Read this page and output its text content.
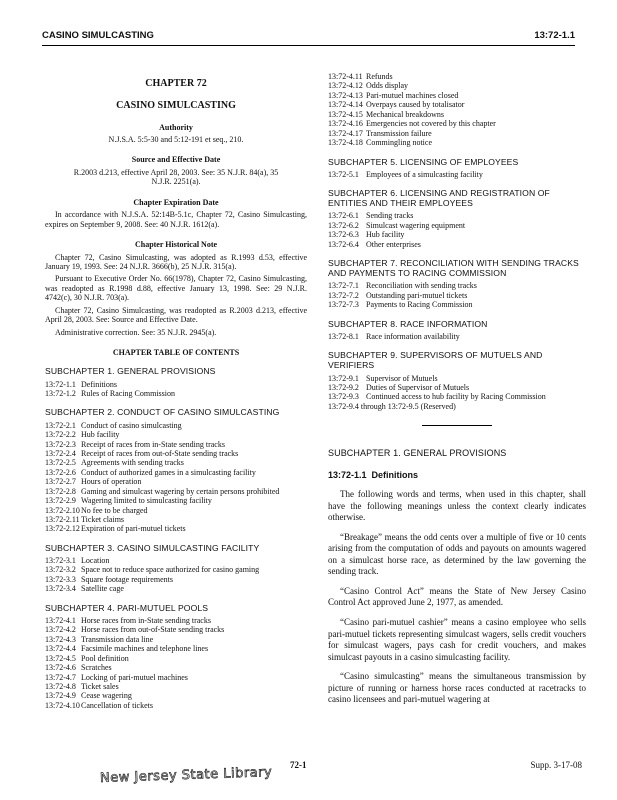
CASINO SIMULCASTING	13:72-1.1
CHAPTER 72
CASINO SIMULCASTING
Authority
N.J.S.A. 5:5-30 and 5:12-191 et seq., 210.
Source and Effective Date
R.2003 d.213, effective April 28, 2003. See: 35 N.J.R. 84(a), 35 N.J.R. 2251(a).
Chapter Expiration Date
In accordance with N.J.S.A. 52:14B-5.1c, Chapter 72, Casino Simulcasting, expires on September 9, 2008. See: 40 N.J.R. 1612(a).
Chapter Historical Note
Chapter 72, Casino Simulcasting, was adopted as R.1993 d.53, effective January 19, 1993. See: 24 N.J.R. 3666(b), 25 N.J.R. 315(a).
Pursuant to Executive Order No. 66(1978), Chapter 72, Casino Simulcasting, was readopted as R.1998 d.88, effective January 13, 1998. See: 29 N.J.R. 4742(c), 30 N.J.R. 703(a).
Chapter 72, Casino Simulcasting, was readopted as R.2003 d.213, effective April 28, 2003. See: Source and Effective Date.
Administrative correction. See: 35 N.J.R. 2945(a).
CHAPTER TABLE OF CONTENTS
SUBCHAPTER 1. GENERAL PROVISIONS
13:72-1.1 Definitions
13:72-1.2 Rules of Racing Commission
SUBCHAPTER 2. CONDUCT OF CASINO SIMULCASTING
13:72-2.1 Conduct of casino simulcasting
13:72-2.2 Hub facility
13:72-2.3 Receipt of races from in-State sending tracks
13:72-2.4 Receipt of races from out-of-State sending tracks
13:72-2.5 Agreements with sending tracks
13:72-2.6 Conduct of authorized games in a simulcasting facility
13:72-2.7 Hours of operation
13:72-2.8 Gaming and simulcast wagering by certain persons prohibited
13:72-2.9 Wagering limited to simulcasting facility
13:72-2.10 No fee to be charged
13:72-2.11 Ticket claims
13:72-2.12 Expiration of pari-mutuel tickets
SUBCHAPTER 3. CASINO SIMULCASTING FACILITY
13:72-3.1 Location
13:72-3.2 Space not to reduce space authorized for casino gaming
13:72-3.3 Square footage requirements
13:72-3.4 Satellite cage
SUBCHAPTER 4. PARI-MUTUEL POOLS
13:72-4.1 Horse races from in-State sending tracks
13:72-4.2 Horse races from out-of-State sending tracks
13:72-4.3 Transmission data line
13:72-4.4 Facsimile machines and telephone lines
13:72-4.5 Pool definition
13:72-4.6 Scratches
13:72-4.7 Locking of pari-mutuel machines
13:72-4.8 Ticket sales
13:72-4.9 Cease wagering
13:72-4.10 Cancellation of tickets
13:72-4.11 Refunds
13:72-4.12 Odds display
13:72-4.13 Pari-mutuel machines closed
13:72-4.14 Overpays caused by totalisator
13:72-4.15 Mechanical breakdowns
13:72-4.16 Emergencies not covered by this chapter
13:72-4.17 Transmission failure
13:72-4.18 Commingling notice
SUBCHAPTER 5. LICENSING OF EMPLOYEES
13:72-5.1 Employees of a simulcasting facility
SUBCHAPTER 6. LICENSING AND REGISTRATION OF ENTITIES AND THEIR EMPLOYEES
13:72-6.1 Sending tracks
13:72-6.2 Simulcast wagering equipment
13:72-6.3 Hub facility
13:72-6.4 Other enterprises
SUBCHAPTER 7. RECONCILIATION WITH SENDING TRACKS AND PAYMENTS TO RACING COMMISSION
13:72-7.1 Reconciliation with sending tracks
13:72-7.2 Outstanding pari-mutuel tickets
13:72-7.3 Payments to Racing Commission
SUBCHAPTER 8. RACE INFORMATION
13:72-8.1 Race information availability
SUBCHAPTER 9. SUPERVISORS OF MUTUELS AND VERIFIERS
13:72-9.1 Supervisor of Mutuels
13:72-9.2 Duties of Supervisor of Mutuels
13:72-9.3 Continued access to hub facility by Racing Commission
13:72-9.4 through 13:72-9.5 (Reserved)
SUBCHAPTER 1. GENERAL PROVISIONS
13:72-1.1 Definitions
The following words and terms, when used in this chapter, shall have the following meanings unless the context clearly indicates otherwise.
“Breakage” means the odd cents over a multiple of five or 10 cents arising from the computation of odds and payouts on amounts wagered on a simulcast horse race, as determined by the law governing the sending track.
“Casino Control Act” means the State of New Jersey Casino Control Act approved June 2, 1977, as amended.
“Casino pari-mutuel cashier” means a casino employee who sells pari-mutuel tickets representing simulcast wagers, sells credit vouchers for simulcast wagers, pays cash for credit vouchers, and makes simulcast payouts in a casino simulcasting facility.
“Casino simulcasting” means the simultaneous transmission by picture of running or harness horse races conducted at racetracks to casino licensees and pari-mutuel wagering at
72-1	Supp. 3-17-08
New Jersey State Library
